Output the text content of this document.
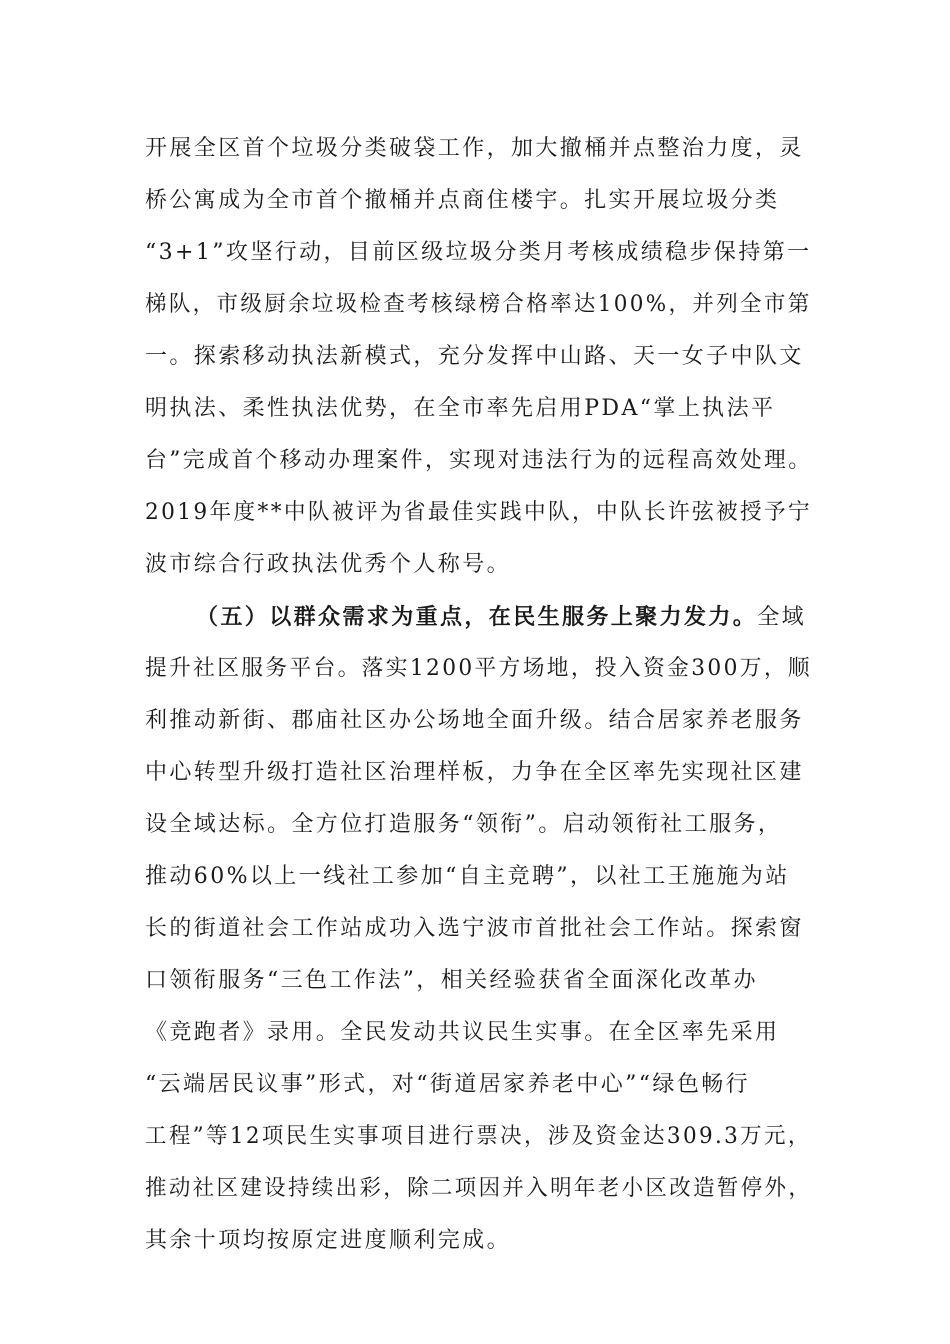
开展全区首个垃圾分类破袋工作，加大撤桶并点整治力度，灵
桥公寓成为全市首个撤桶并点商住楼宇。扎实开展垃圾分类
“3+1”攻坚行动，目前区级垃圾分类月考核成绩稳步保持第一
梯队，市级厨余垃圾检查考核绿榜合格率达100%，并列全市第
一。探索移动执法新模式，充分发挥中山路、天一女子中队文
明执法、柔性执法优势，在全市率先启用PDA“掌上执法平
台”完成首个移动办理案件，实现对违法行为的远程高效处理。
2019年度**中队被评为省最佳实践中队，中队长许弦被授予宁
波市综合行政执法优秀个人称号。
（五）以群众需求为重点，在民生服务上聚力发力。全域
提升社区服务平台。落实1200平方场地，投入资金300万，顺
利推动新街、郡庙社区办公场地全面升级。结合居家养老服务
中心转型升级打造社区治理样板，力争在全区率先实现社区建
设全域达标。全方位打造服务“领衔”。启动领衔社工服务，
推动60%以上一线社工参加“自主竞聘”，以社工王施施为站
长的街道社会工作站成功入选宁波市首批社会工作站。探索窗
口领衔服务“三色工作法”，相关经验获省全面深化改革办
《竞跑者》录用。全民发动共议民生实事。在全区率先采用
“云端居民议事”形式，对“街道居家养老中心”“绿色畅行
工程”等12项民生实事项目进行票决，涉及资金达309.3万元，
推动社区建设持续出彩，除二项因并入明年老小区改造暂停外，
其余十项均按原定进度顺利完成。
